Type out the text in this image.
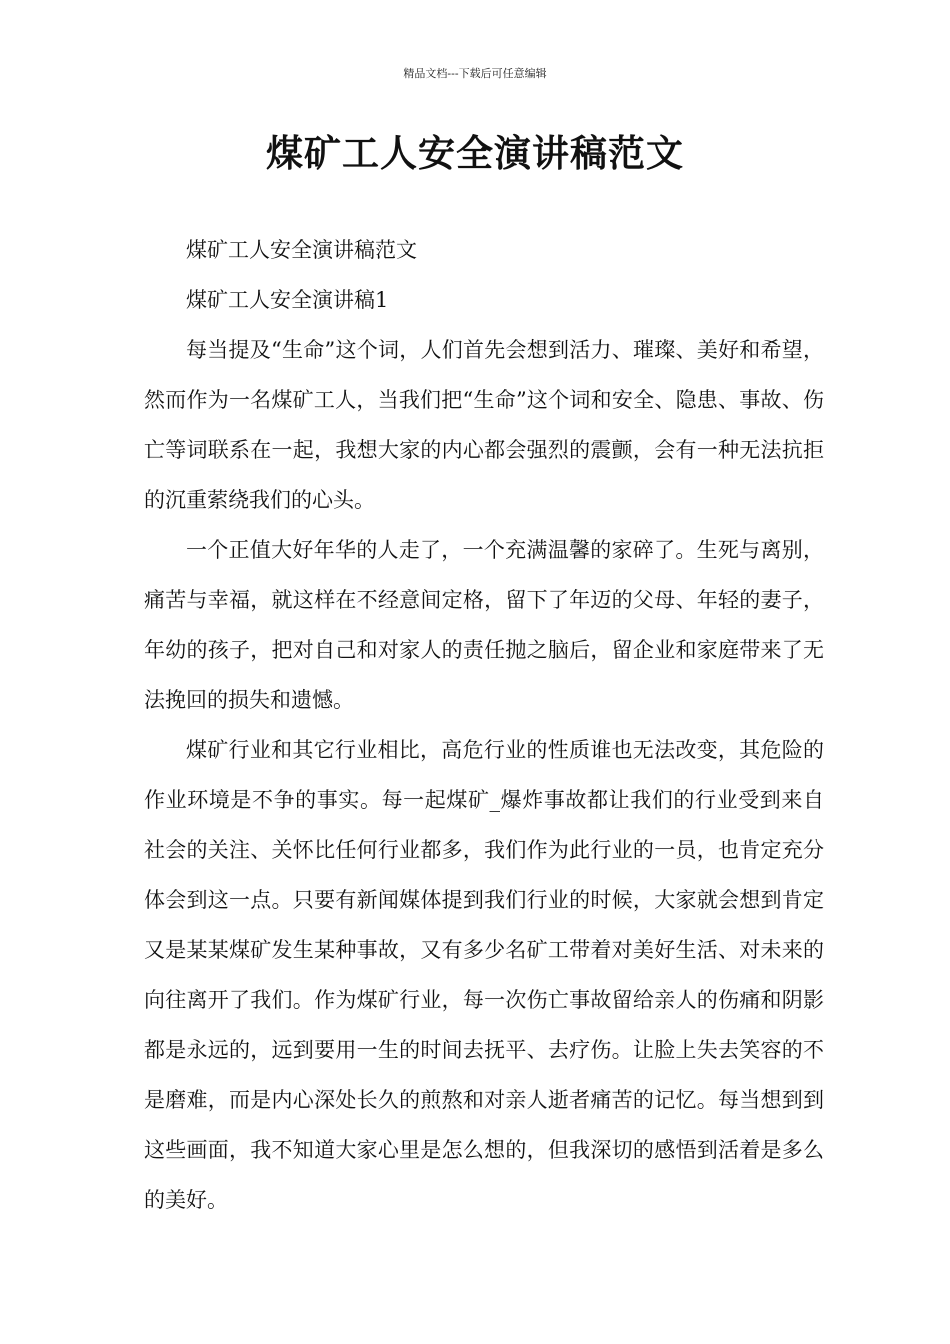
精品文档---下载后可任意编辑
煤矿工人安全演讲稿范文

煤矿工人安全演讲稿范文

煤矿工人安全演讲稿1

每当提及“生命”这个词，人们首先会想到活力、璀璨、美好和希望，然而作为一名煤矿工人，当我们把“生命”这个词和安全、隐患、事故、伤亡等词联系在一起，我想大家的内心都会强烈的震颤，会有一种无法抗拒的沉重萦绕我们的心头。

一个正值大好年华的人走了，一个充满温馨的家碎了。生死与离别，痛苦与幸福，就这样在不经意间定格，留下了年迈的父母、年轻的妻子，年幼的孩子，把对自己和对家人的责任抛之脑后，留企业和家庭带来了无法挽回的损失和遗憾。

煤矿行业和其它行业相比，高危行业的性质谁也无法改变，其危险的作业环境是不争的事实。每一起煤矿_爆炸事故都让我们的行业受到来自社会的关注、关怀比任何行业都多，我们作为此行业的一员，也肯定充分体会到这一点。只要有新闻媒体提到我们行业的时候，大家就会想到肯定又是某某煤矿发生某种事故，又有多少名矿工带着对美好生活、对未来的向往离开了我们。作为煤矿行业，每一次伤亡事故留给亲人的伤痛和阴影都是永远的，远到要用一生的时间去抚平、去疗伤。让脸上失去笑容的不是磨难，而是内心深处长久的煎熬和对亲人逝者痛苦的记忆。每当想到到这些画面，我不知道大家心里是怎么想的，但我深切的感悟到活着是多么的美好。
